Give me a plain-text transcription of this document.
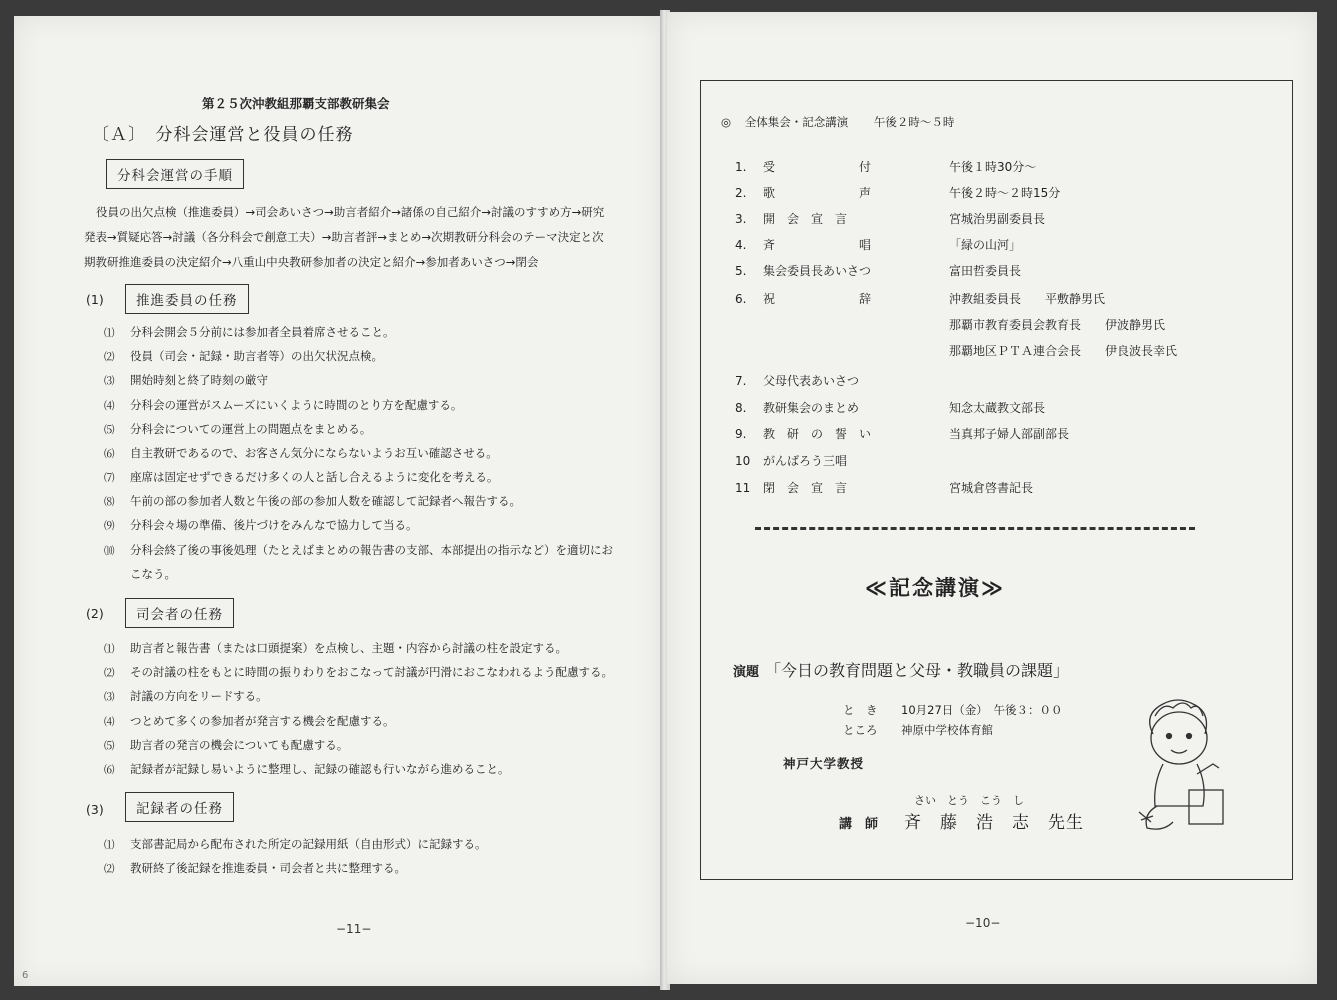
第２５次沖教組那覇支部教研集会
〔Ａ〕　分科会運営と役員の任務
分科会運営の手順
役員の出欠点検（推進委員）→司会あいさつ→助言者紹介→諸係の自己紹介→討議のすすめ方→研究
発表→質疑応答→討議（各分科会で創意工夫）→助言者評→まとめ→次期教研分科会のテーマ決定と次
期教研推進委員の決定紹介→八重山中央教研参加者の決定と紹介→参加者あいさつ→閉会
(1)	推進委員の任務
⑴ 分科会開会５分前には参加者全員着席させること。
⑵ 役員（司会・記録・助言者等）の出欠状況点検。
⑶ 開始時刻と終了時刻の厳守
⑷ 分科会の運営がスムーズにいくように時間のとり方を配慮する。
⑸ 分科会についての運営上の問題点をまとめる。
⑹ 自主教研であるので、お客さん気分にならないようお互い確認させる。
⑺ 座席は固定せずできるだけ多くの人と話し合えるように変化を考える。
⑻ 午前の部の参加者人数と午後の部の参加人数を確認して記録者へ報告する。
⑼ 分科会々場の準備、後片づけをみんなで協力して当る。
⑽ 分科会終了後の事後処理（たとえばまとめの報告書の支部、本部提出の指示など）を適切にお
こなう。
(2)	司会者の任務
⑴ 助言者と報告書（または口頭提案）を点検し、主題・内容から討議の柱を設定する。
⑵ その討議の柱をもとに時間の振りわりをおこなって討議が円滑におこなわれるよう配慮する。
⑶ 討議の方向をリードする。
⑷ つとめて多くの参加者が発言する機会を配慮する。
⑸ 助言者の発言の機会についても配慮する。
⑹ 記録者が記録し易いように整理し、記録の確認も行いながら進めること。
(3)	記録者の任務
⑴ 支部書記局から配布された所定の記録用紙（自由形式）に記録する。
⑵ 教研終了後記録を推進委員・司会者と共に整理する。
−11−
6
◎ 全体集会・記念講演 午後２時〜５時
1. 受　　　　　　　付	午後１時30分〜
2. 歌　　　　　　　声	午後２時〜２時15分
3. 開　会　宣　言	宮城治男副委員長
4. 斉　　　　　　　唱	「緑の山河」
5. 集会委員長あいさつ	富田哲委員長
6. 祝　　　　　　　辞	沖教組委員長　　平敷静男氏
那覇市教育委員会教育長　　伊波静男氏
那覇地区ＰＴＡ連合会長　　伊良波長幸氏
7. 父母代表あいさつ
8. 教研集会のまとめ	知念太蔵教文部長
9. 教　研　の　誓　い	当真邦子婦人部副部長
10 がんばろう三唱
11 閉　会　宣　言	宮城倉啓書記長
≪記念講演≫
演題 「今日の教育問題と父母・教職員の課題」
と　き 10月27日（金）　午後３：００
ところ 神原中学校体育館
神戸大学教授
さい　とう　こう　し
講　師 斉　藤　浩　志　先生
−10−
